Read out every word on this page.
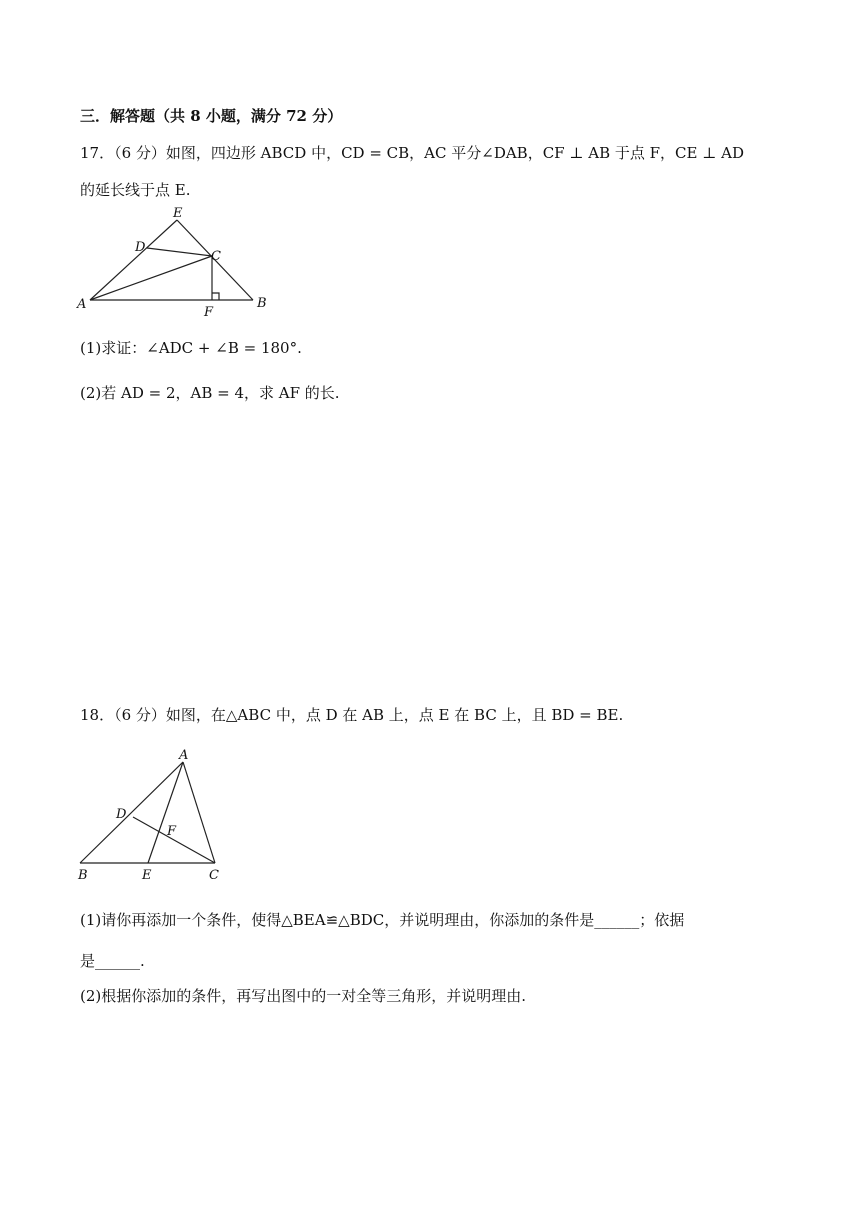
三．解答题（共 8 小题，满分 72 分）

17．（6 分）如图，四边形 ABCD 中，CD = CB，AC 平分∠DAB，CF ⊥ AB 于点 F，CE ⊥ AD

的延长线于点 E.

A	B
C
D
E
F

(1)求证：∠ADC + ∠B = 180°.

(2)若 AD = 2，AB = 4，求 AF 的长.

18．（6 分）如图，在△ABC 中，点 D 在 AB 上，点 E 在 BC 上，且 BD = BE.

A
B	C
D
E
F

(1)请你再添加一个条件，使得△BEA≌△BDC，并说明理由，你添加的条件是______；依据

是______.

(2)根据你添加的条件，再写出图中的一对全等三角形，并说明理由.
